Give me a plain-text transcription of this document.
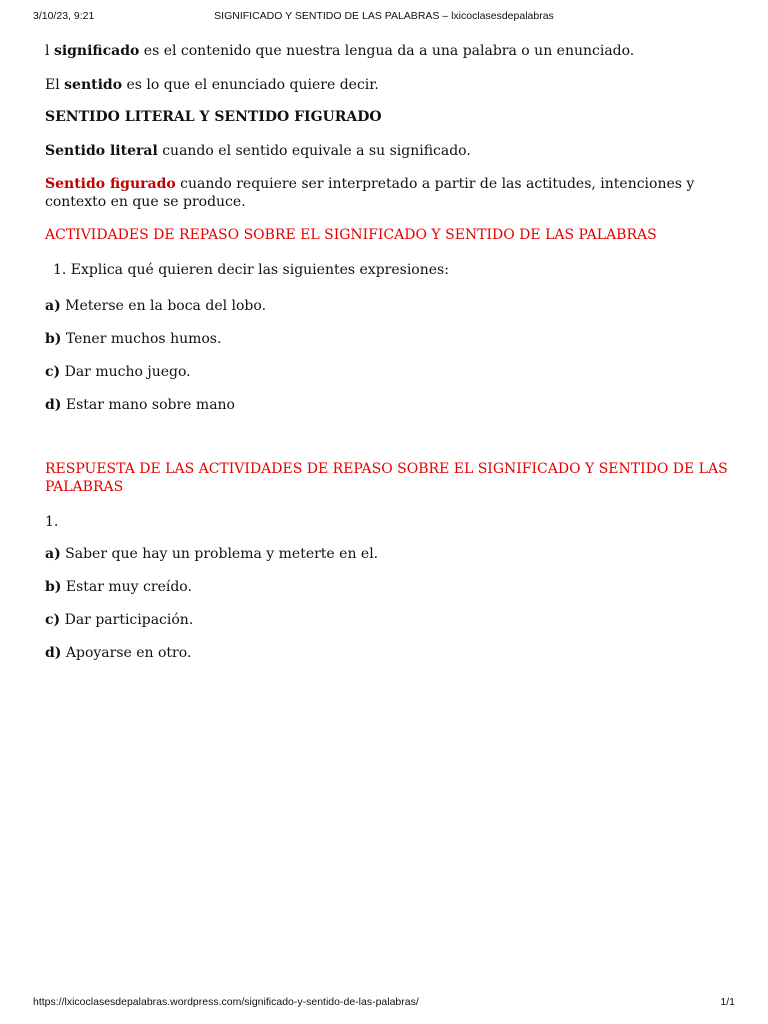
3/10/23, 9:21	SIGNIFICADO Y SENTIDO DE LAS PALABRAS – lxicoclasesdepalabras

l significado es el contenido que nuestra lengua da a una palabra o un enunciado.

El sentido es lo que el enunciado quiere decir.

SENTIDO LITERAL Y SENTIDO FIGURADO

Sentido literal cuando el sentido equivale a su significado.

Sentido figurado cuando requiere ser interpretado a partir de las actitudes, intenciones y contexto en que se produce.

ACTIVIDADES DE REPASO SOBRE EL SIGNIFICADO Y SENTIDO DE LAS PALABRAS

1. Explica qué quieren decir las siguientes expresiones:

a) Meterse en la boca del lobo.

b) Tener muchos humos.

c) Dar mucho juego.

d) Estar mano sobre mano

RESPUESTA DE LAS ACTIVIDADES DE REPASO SOBRE EL SIGNIFICADO Y SENTIDO DE LAS PALABRAS

1.

a) Saber que hay un problema y meterte en el.

b) Estar muy creído.

c) Dar participación.

d) Apoyarse en otro.

https://lxicoclasesdepalabras.wordpress.com/significado-y-sentido-de-las-palabras/	1/1
